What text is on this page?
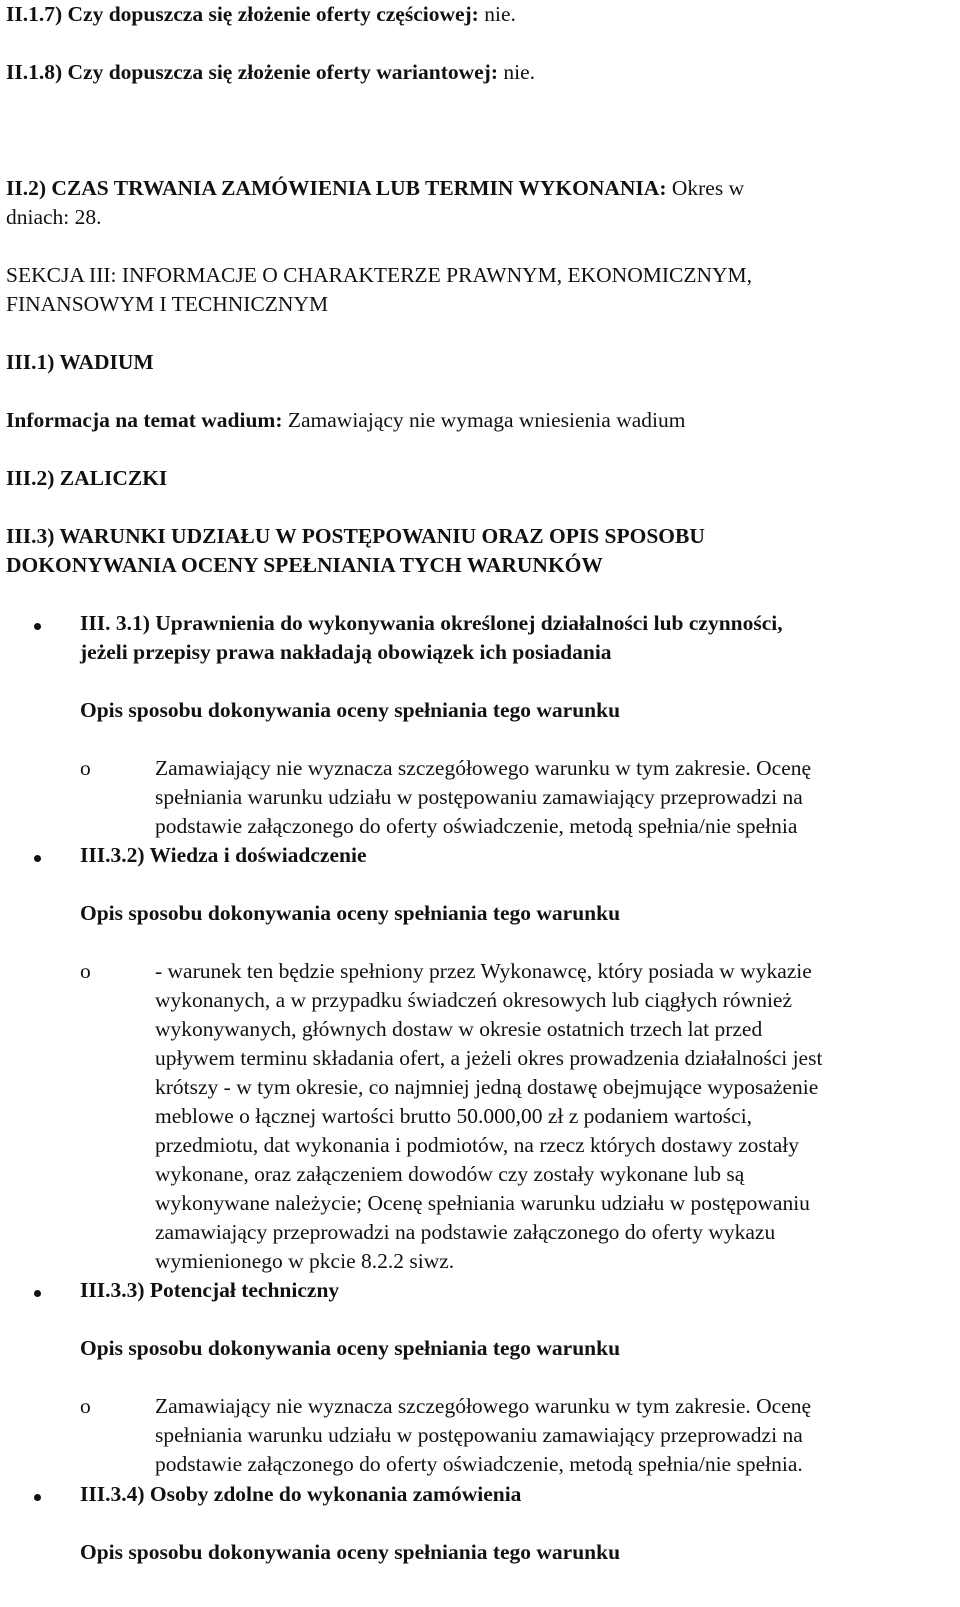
II.1.7) Czy dopuszcza się złożenie oferty częściowej: nie.
II.1.8) Czy dopuszcza się złożenie oferty wariantowej: nie.
II.2) CZAS TRWANIA ZAMÓWIENIA LUB TERMIN WYKONANIA: Okres w
dniach: 28.
SEKCJA III: INFORMACJE O CHARAKTERZE PRAWNYM, EKONOMICZNYM,
FINANSOWYM I TECHNICZNYM
III.1) WADIUM
Informacja na temat wadium: Zamawiający nie wymaga wniesienia wadium
III.2) ZALICZKI
III.3) WARUNKI UDZIAŁU W POSTĘPOWANIU ORAZ OPIS SPOSOBU
DOKONYWANIA OCENY SPEŁNIANIA TYCH WARUNKÓW
III. 3.1) Uprawnienia do wykonywania określonej działalności lub czynności,
jeżeli przepisy prawa nakładają obowiązek ich posiadania
Opis sposobu dokonywania oceny spełniania tego warunku
o	Zamawiający nie wyznacza szczegółowego warunku w tym zakresie. Ocenę
spełniania warunku udziału w postępowaniu zamawiający przeprowadzi na
podstawie załączonego do oferty oświadczenie, metodą spełnia/nie spełnia
III.3.2) Wiedza i doświadczenie
Opis sposobu dokonywania oceny spełniania tego warunku
o	- warunek ten będzie spełniony przez Wykonawcę, który posiada w wykazie
wykonanych, a w przypadku świadczeń okresowych lub ciągłych również
wykonywanych, głównych dostaw w okresie ostatnich trzech lat przed
upływem terminu składania ofert, a jeżeli okres prowadzenia działalności jest
krótszy - w tym okresie, co najmniej jedną dostawę obejmujące wyposażenie
meblowe o łącznej wartości brutto 50.000,00 zł z podaniem wartości,
przedmiotu, dat wykonania i podmiotów, na rzecz których dostawy zostały
wykonane, oraz załączeniem dowodów czy zostały wykonane lub są
wykonywane należycie; Ocenę spełniania warunku udziału w postępowaniu
zamawiający przeprowadzi na podstawie załączonego do oferty wykazu
wymienionego w pkcie 8.2.2 siwz.
III.3.3) Potencjał techniczny
Opis sposobu dokonywania oceny spełniania tego warunku
o	Zamawiający nie wyznacza szczegółowego warunku w tym zakresie. Ocenę
spełniania warunku udziału w postępowaniu zamawiający przeprowadzi na
podstawie załączonego do oferty oświadczenie, metodą spełnia/nie spełnia.
III.3.4) Osoby zdolne do wykonania zamówienia
Opis sposobu dokonywania oceny spełniania tego warunku
